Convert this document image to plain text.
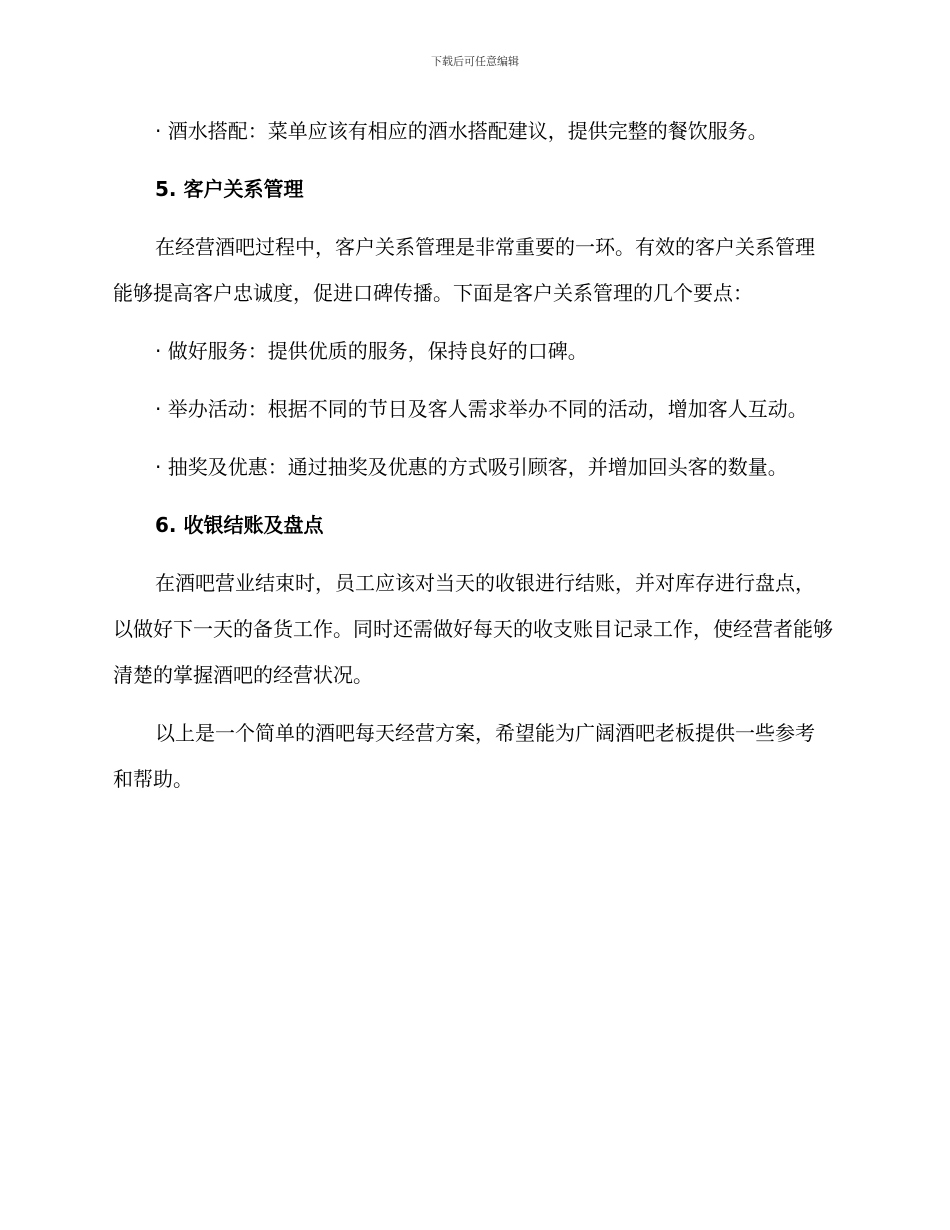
下载后可任意编辑

· 酒水搭配：菜单应该有相应的酒水搭配建议，提供完整的餐饮服务。

5. 客户关系管理

在经营酒吧过程中，客户关系管理是非常重要的一环。有效的客户关系管理能够提高客户忠诚度，促进口碑传播。下面是客户关系管理的几个要点：

· 做好服务：提供优质的服务，保持良好的口碑。

· 举办活动：根据不同的节日及客人需求举办不同的活动，增加客人互动。

· 抽奖及优惠：通过抽奖及优惠的方式吸引顾客，并增加回头客的数量。

6. 收银结账及盘点

在酒吧营业结束时，员工应该对当天的收银进行结账，并对库存进行盘点，以做好下一天的备货工作。同时还需做好每天的收支账目记录工作，使经营者能够清楚的掌握酒吧的经营状况。

以上是一个简单的酒吧每天经营方案，希望能为广阔酒吧老板提供一些参考和帮助。
